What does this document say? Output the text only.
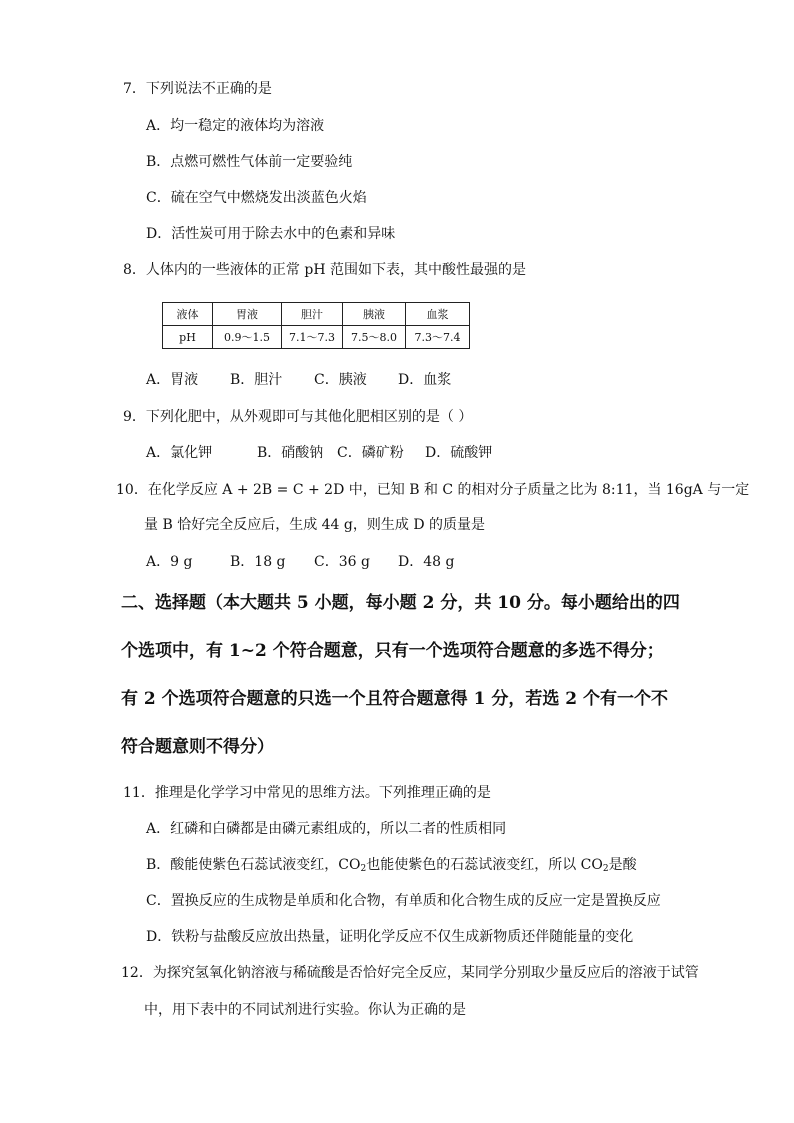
7．下列说法不正确的是
A．均一稳定的液体均为溶液
B．点燃可燃性气体前一定要验纯
C．硫在空气中燃烧发出淡蓝色火焰
D．活性炭可用于除去水中的色素和异味
8．人体内的一些液体的正常 pH 范围如下表，其中酸性最强的是
液体	胃液	胆汁	胰液	血浆
pH	0.9～1.5	7.1～7.3	7.5～8.0	7.3～7.4
A．胃液 B．胆汁 C．胰液 D．血浆
9．下列化肥中，从外观即可与其他化肥相区别的是（ ）
A．氯化钾	B．硝酸钠 C．磷矿粉 D．硫酸钾
10．在化学反应 A + 2B = C + 2D 中，已知 B 和 C 的相对分子质量之比为 8:11，当 16gA 与一定
量 B 恰好完全反应后，生成 44 g，则生成 D 的质量是
A．9 g	B．18 g C．36 g D．48 g
二、选择题（本大题共 5 小题，每小题 2 分，共 10 分。每小题给出的四
个选项中，有 1~2 个符合题意，只有一个选项符合题意的多选不得分；
有 2 个选项符合题意的只选一个且符合题意得 1 分，若选 2 个有一个不
符合题意则不得分）
11．推理是化学学习中常见的思维方法。下列推理正确的是
A．红磷和白磷都是由磷元素组成的，所以二者的性质相同
B．酸能使紫色石蕊试液变红，$CO_2$也能使紫色的石蕊试液变红，所以 $CO_2$是酸
C．置换反应的生成物是单质和化合物，有单质和化合物生成的反应一定是置换反应
D．铁粉与盐酸反应放出热量，证明化学反应不仅生成新物质还伴随能量的变化
12．为探究氢氧化钠溶液与稀硫酸是否恰好完全反应，某同学分别取少量反应后的溶液于试管
中，用下表中的不同试剂进行实验。你认为正确的是
